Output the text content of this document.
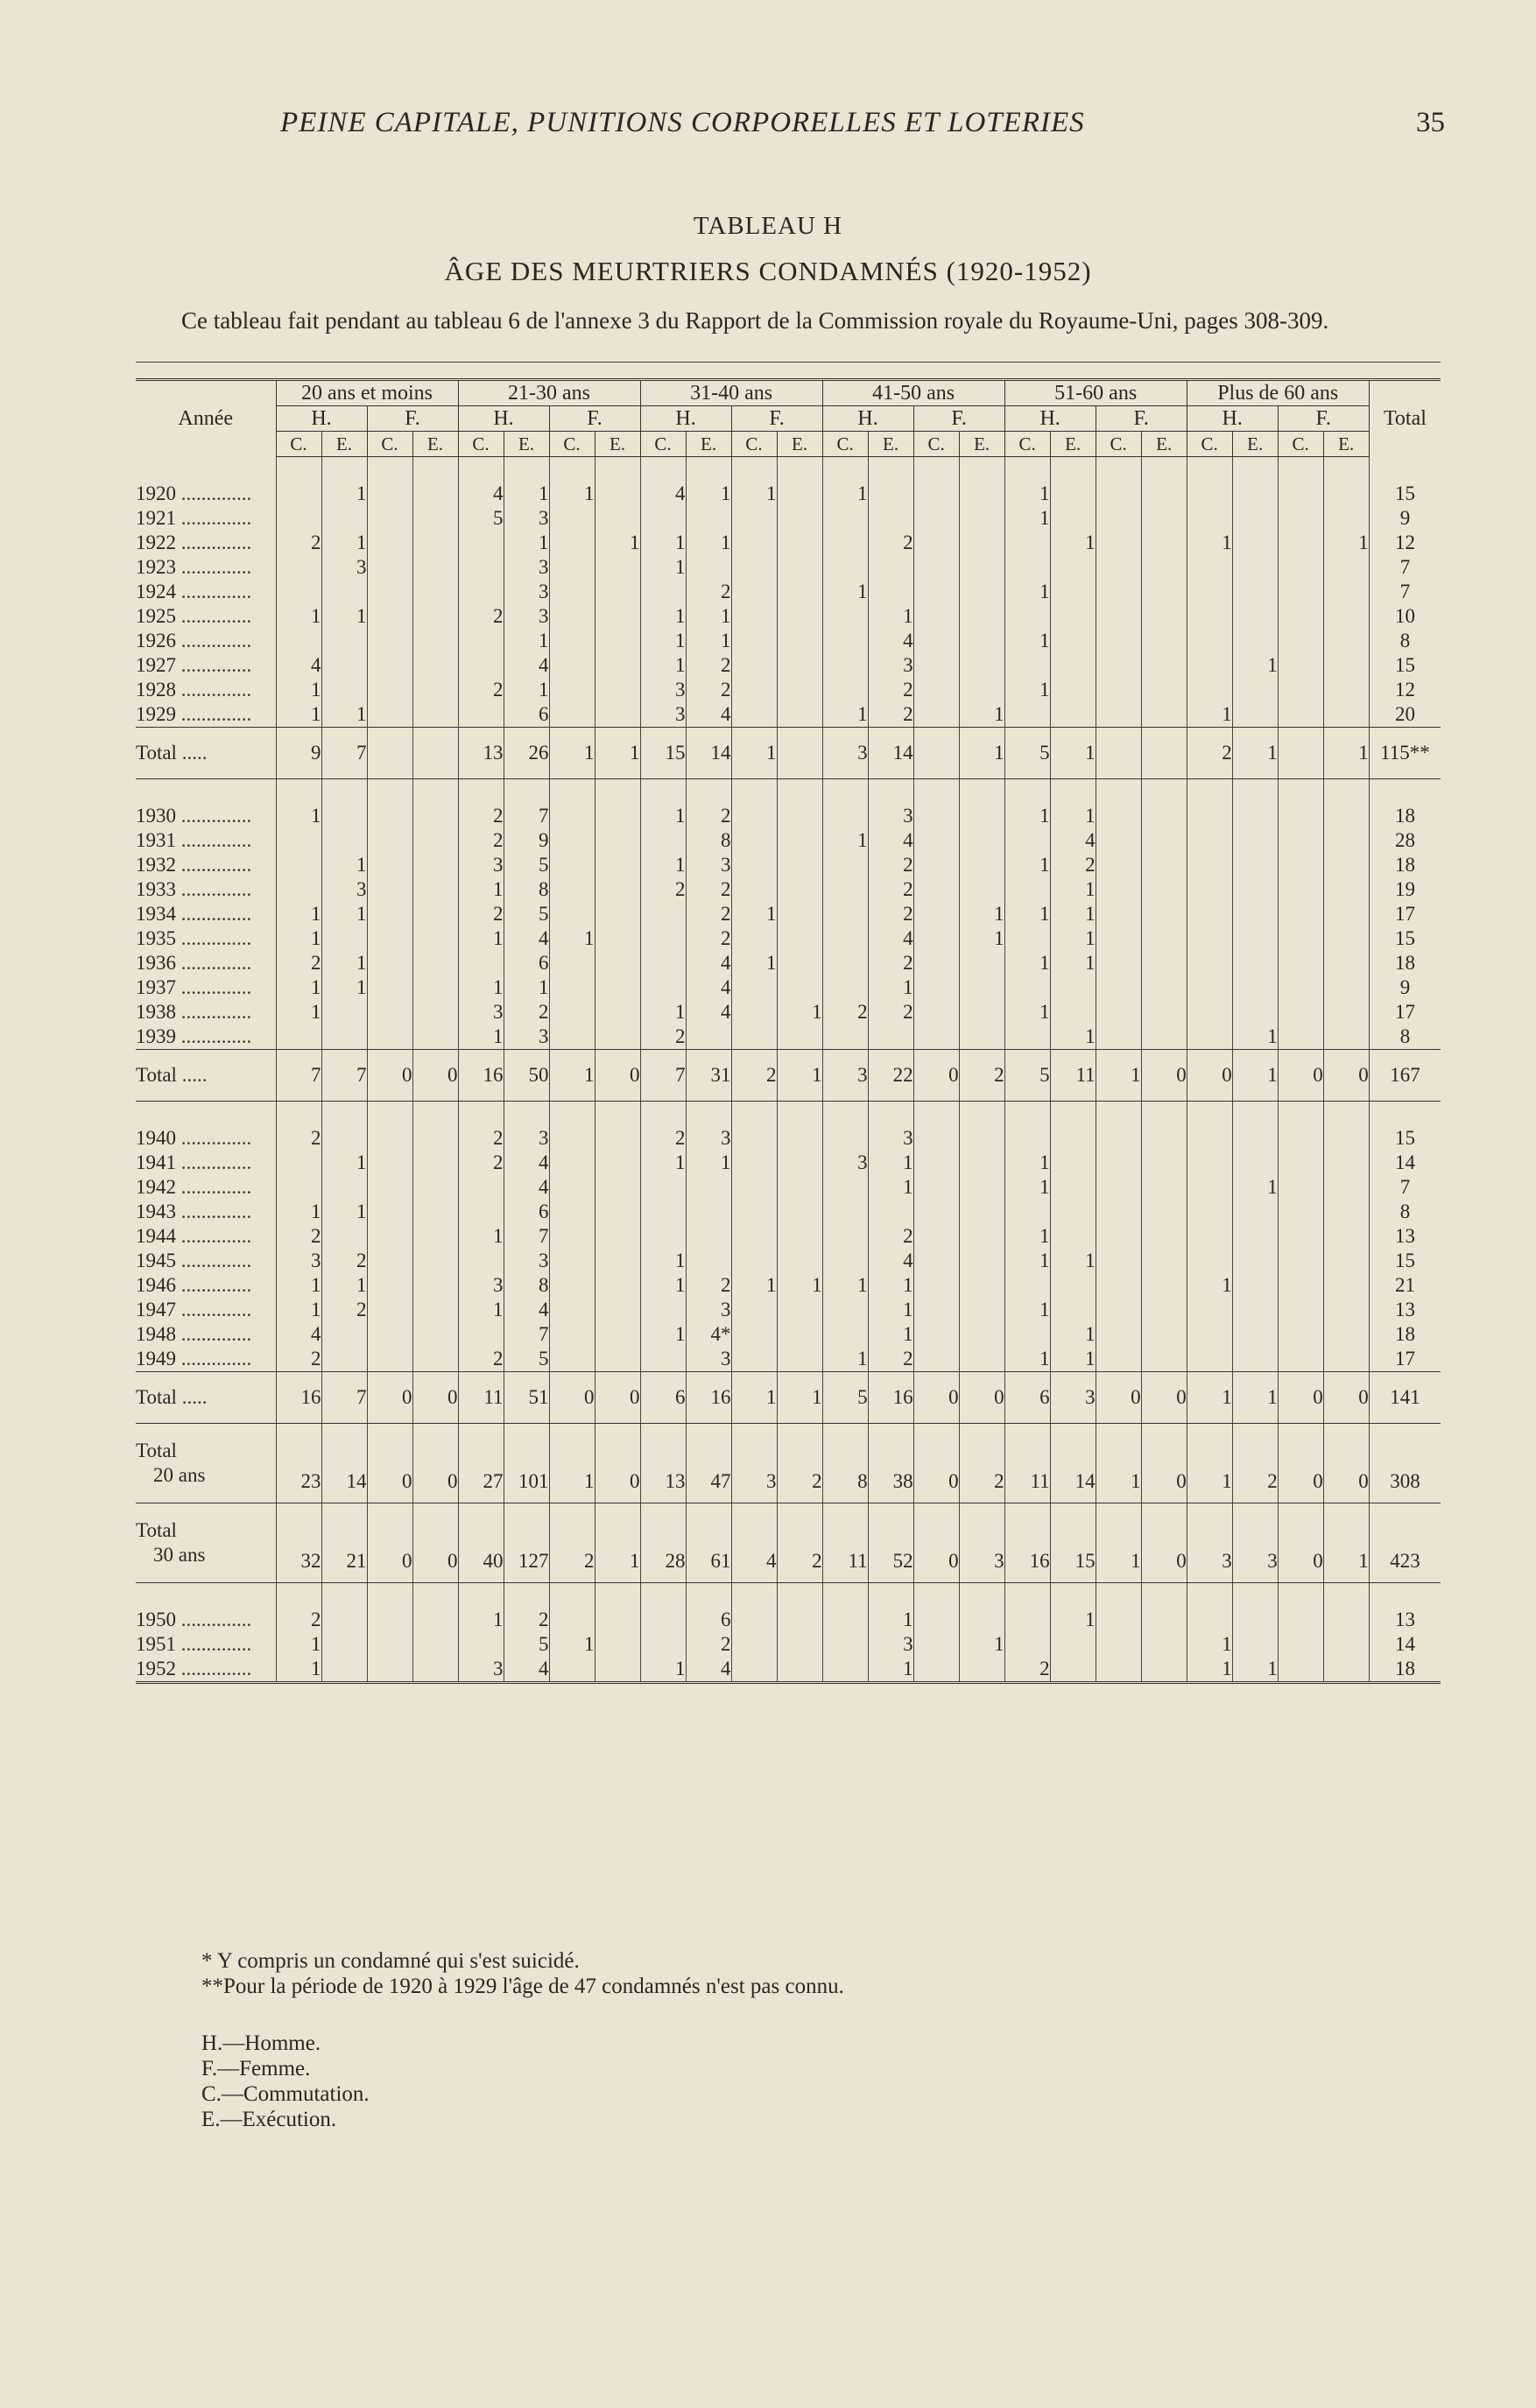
PEINE CAPITALE, PUNITIONS CORPORELLES ET LOTERIES	35
TABLEAU H
ÂGE DES MEURTRIERS CONDAMNÉS (1920-1952)
Ce tableau fait pendant au tableau 6 de l'annexe 3 du Rapport de la Commission royale du Royaume-Uni, pages 308-309.
Année	20 ans et moins				21-30 ans				31-40 ans				41-50 ans				51-60 ans				Plus de 60 ans				Total
	H.		F.		H.		F.		H.		F.		H.		F.		H.		F.		H.		F.		
	C.	E.	C.	E.	C.	E.	C.	E.	C.	E.	C.	E.	C.	E.	C.	E.	C.	E.	C.	E.	C.	E.	C.	E.	

1920 ..............		1			4	1	1		4	1	1		1				1								15
1921 ..............					5	3											1								9
1922 ..............	2	1				1		1	1	1				2				1			1			1	12
1923 ..............		3				3			1																7
1924 ..............						3				2			1				1								7
1925 ..............	1	1			2	3			1	1				1											10
1926 ..............						1			1	1				4			1								8
1927 ..............	4					4			1	2				3								1			15
1928 ..............	1				2	1			3	2				2			1								12
1929 ..............	1	1				6			3	4			1	2		1					1				20
Total .....	9	7			13	26	1	1	15	14	1		3	14		1	5	1			2	1		1	115**

1930 ..............	1				2	7			1	2				3			1	1							18
1931 ..............					2	9				8			1	4				4							28
1932 ..............		1			3	5			1	3				2			1	2							18
1933 ..............		3			1	8			2	2				2				1							19
1934 ..............	1	1			2	5				2	1			2		1	1	1							17
1935 ..............	1				1	4	1			2				4		1		1							15
1936 ..............	2	1				6				4	1			2			1	1							18
1937 ..............	1	1			1	1				4				1											9
1938 ..............	1				3	2			1	4		1	2	2			1								17
1939 ..............					1	3			2									1				1			8
Total .....	7	7	0	0	16	50	1	0	7	31	2	1	3	22	0	2	5	11	1	0	0	1	0	0	167

1940 ..............	2				2	3			2	3				3											15
1941 ..............		1			2	4			1	1			3	1			1								14
1942 ..............						4								1			1					1			7
1943 ..............	1	1				6																			8
1944 ..............	2				1	7								2			1								13
1945 ..............	3	2				3			1					4			1	1							15
1946 ..............	1	1			3	8			1	2	1	1	1	1							1				21
1947 ..............	1	2			1	4				3				1			1								13
1948 ..............	4					7			1	4*				1				1							18
1949 ..............	2				2	5				3			1	2			1	1							17
Total .....	16	7	0	0	11	51	0	0	6	16	1	1	5	16	0	0	6	3	0	0	1	1	0	0	141

Total
20 ans	23	14	0	0	27	101	1	0	13	47	3	2	8	38	0	2	11	14	1	0	1	2	0	0	308

Total
30 ans	32	21	0	0	40	127	2	1	28	61	4	2	11	52	0	3	16	15	1	0	3	3	0	1	423

1950 ..............	2				1	2				6				1				1							13
1951 ..............	1					5	1			2				3		1					1				14
1952 ..............	1				3	4			1	4				1			2				1	1			18
* Y compris un condamné qui s'est suicidé.
**Pour la période de 1920 à 1929 l'âge de 47 condamnés n'est pas connu.
H.—Homme.
F.—Femme.
C.—Commutation.
E.—Exécution.
